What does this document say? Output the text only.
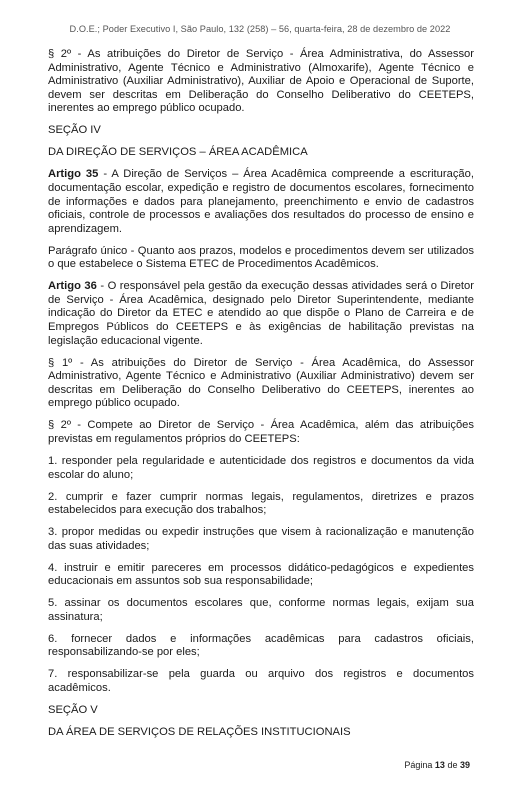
D.O.E.; Poder Executivo I, São Paulo, 132 (258) – 56, quarta-feira, 28 de dezembro de 2022

§ 2º - As atribuições do Diretor de Serviço - Área Administrativa, do Assessor Administrativo, Agente Técnico e Administrativo (Almoxarife), Agente Técnico e Administrativo (Auxiliar Administrativo), Auxiliar de Apoio e Operacional de Suporte, devem ser descritas em Deliberação do Conselho Deliberativo do CEETEPS, inerentes ao emprego público ocupado.

SEÇÃO IV

DA DIREÇÃO DE SERVIÇOS – ÁREA ACADÊMICA

Artigo 35 - A Direção de Serviços – Área Acadêmica compreende a escrituração, documentação escolar, expedição e registro de documentos escolares, fornecimento de informações e dados para planejamento, preenchimento e envio de cadastros oficiais, controle de processos e avaliações dos resultados do processo de ensino e aprendizagem.

Parágrafo único - Quanto aos prazos, modelos e procedimentos devem ser utilizados o que estabelece o Sistema ETEC de Procedimentos Acadêmicos.

Artigo 36 - O responsável pela gestão da execução dessas atividades será o Diretor de Serviço - Área Acadêmica, designado pelo Diretor Superintendente, mediante indicação do Diretor da ETEC e atendido ao que dispõe o Plano de Carreira e de Empregos Públicos do CEETEPS e às exigências de habilitação previstas na legislação educacional vigente.

§ 1º - As atribuições do Diretor de Serviço - Área Acadêmica, do Assessor Administrativo, Agente Técnico e Administrativo (Auxiliar Administrativo) devem ser descritas em Deliberação do Conselho Deliberativo do CEETEPS, inerentes ao emprego público ocupado.

§ 2º - Compete ao Diretor de Serviço - Área Acadêmica, além das atribuições previstas em regulamentos próprios do CEETEPS:

1. responder pela regularidade e autenticidade dos registros e documentos da vida escolar do aluno;

2. cumprir e fazer cumprir normas legais, regulamentos, diretrizes e prazos estabelecidos para execução dos trabalhos;

3. propor medidas ou expedir instruções que visem à racionalização e manutenção das suas atividades;

4. instruir e emitir pareceres em processos didático-pedagógicos e expedientes educacionais em assuntos sob sua responsabilidade;

5. assinar os documentos escolares que, conforme normas legais, exijam sua assinatura;

6. fornecer dados e informações acadêmicas para cadastros oficiais, responsabilizando-se por eles;

7. responsabilizar-se pela guarda ou arquivo dos registros e documentos acadêmicos.

SEÇÃO V

DA ÁREA DE SERVIÇOS DE RELAÇÕES INSTITUCIONAIS

Página 13 de 39
